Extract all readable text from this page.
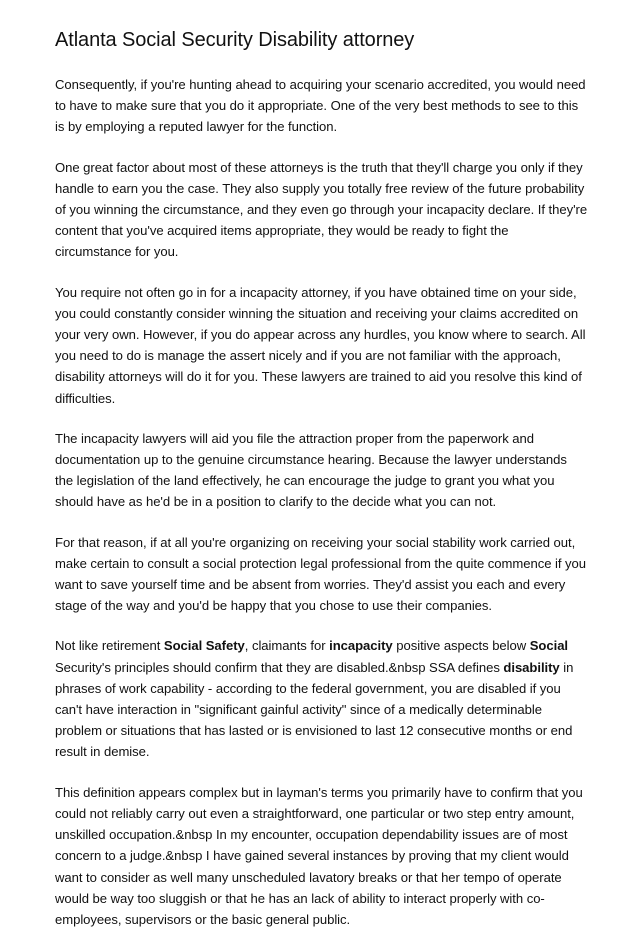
Atlanta Social Security Disability attorney

Consequently, if you're hunting ahead to acquiring your scenario accredited, you would need to have to make sure that you do it appropriate. One of the very best methods to see to this is by employing a reputed lawyer for the function.

One great factor about most of these attorneys is the truth that they'll charge you only if they handle to earn you the case. They also supply you totally free review of the future probability of you winning the circumstance, and they even go through your incapacity declare. If they're content that you've acquired items appropriate, they would be ready to fight the circumstance for you.

You require not often go in for a incapacity attorney, if you have obtained time on your side, you could constantly consider winning the situation and receiving your claims accredited on your very own. However, if you do appear across any hurdles, you know where to search. All you need to do is manage the assert nicely and if you are not familiar with the approach, disability attorneys will do it for you. These lawyers are trained to aid you resolve this kind of difficulties.

The incapacity lawyers will aid you file the attraction proper from the paperwork and documentation up to the genuine circumstance hearing. Because the lawyer understands the legislation of the land effectively, he can encourage the judge to grant you what you should have as he'd be in a position to clarify to the decide what you can not.

For that reason, if at all you're organizing on receiving your social stability work carried out, make certain to consult a social protection legal professional from the quite commence if you want to save yourself time and be absent from worries. They'd assist you each and every stage of the way and you'd be happy that you chose to use their companies.

Not like retirement Social Safety, claimants for incapacity positive aspects below Social Security's principles should confirm that they are disabled.&nbsp SSA defines disability in phrases of work capability - according to the federal government, you are disabled if you can't have interaction in "significant gainful activity" since of a medically determinable problem or situations that has lasted or is envisioned to last 12 consecutive months or end result in demise.

This definition appears complex but in layman's terms you primarily have to confirm that you could not reliably carry out even a straightforward, one particular or two step entry amount, unskilled occupation.&nbsp In my encounter, occupation dependability issues are of most concern to a judge.&nbsp I have gained several instances by proving that my client would want to consider as well many unscheduled lavatory breaks or that her tempo of operate would be way too sluggish or that he has an lack of ability to interact properly with co-employees, supervisors or the basic general public.
